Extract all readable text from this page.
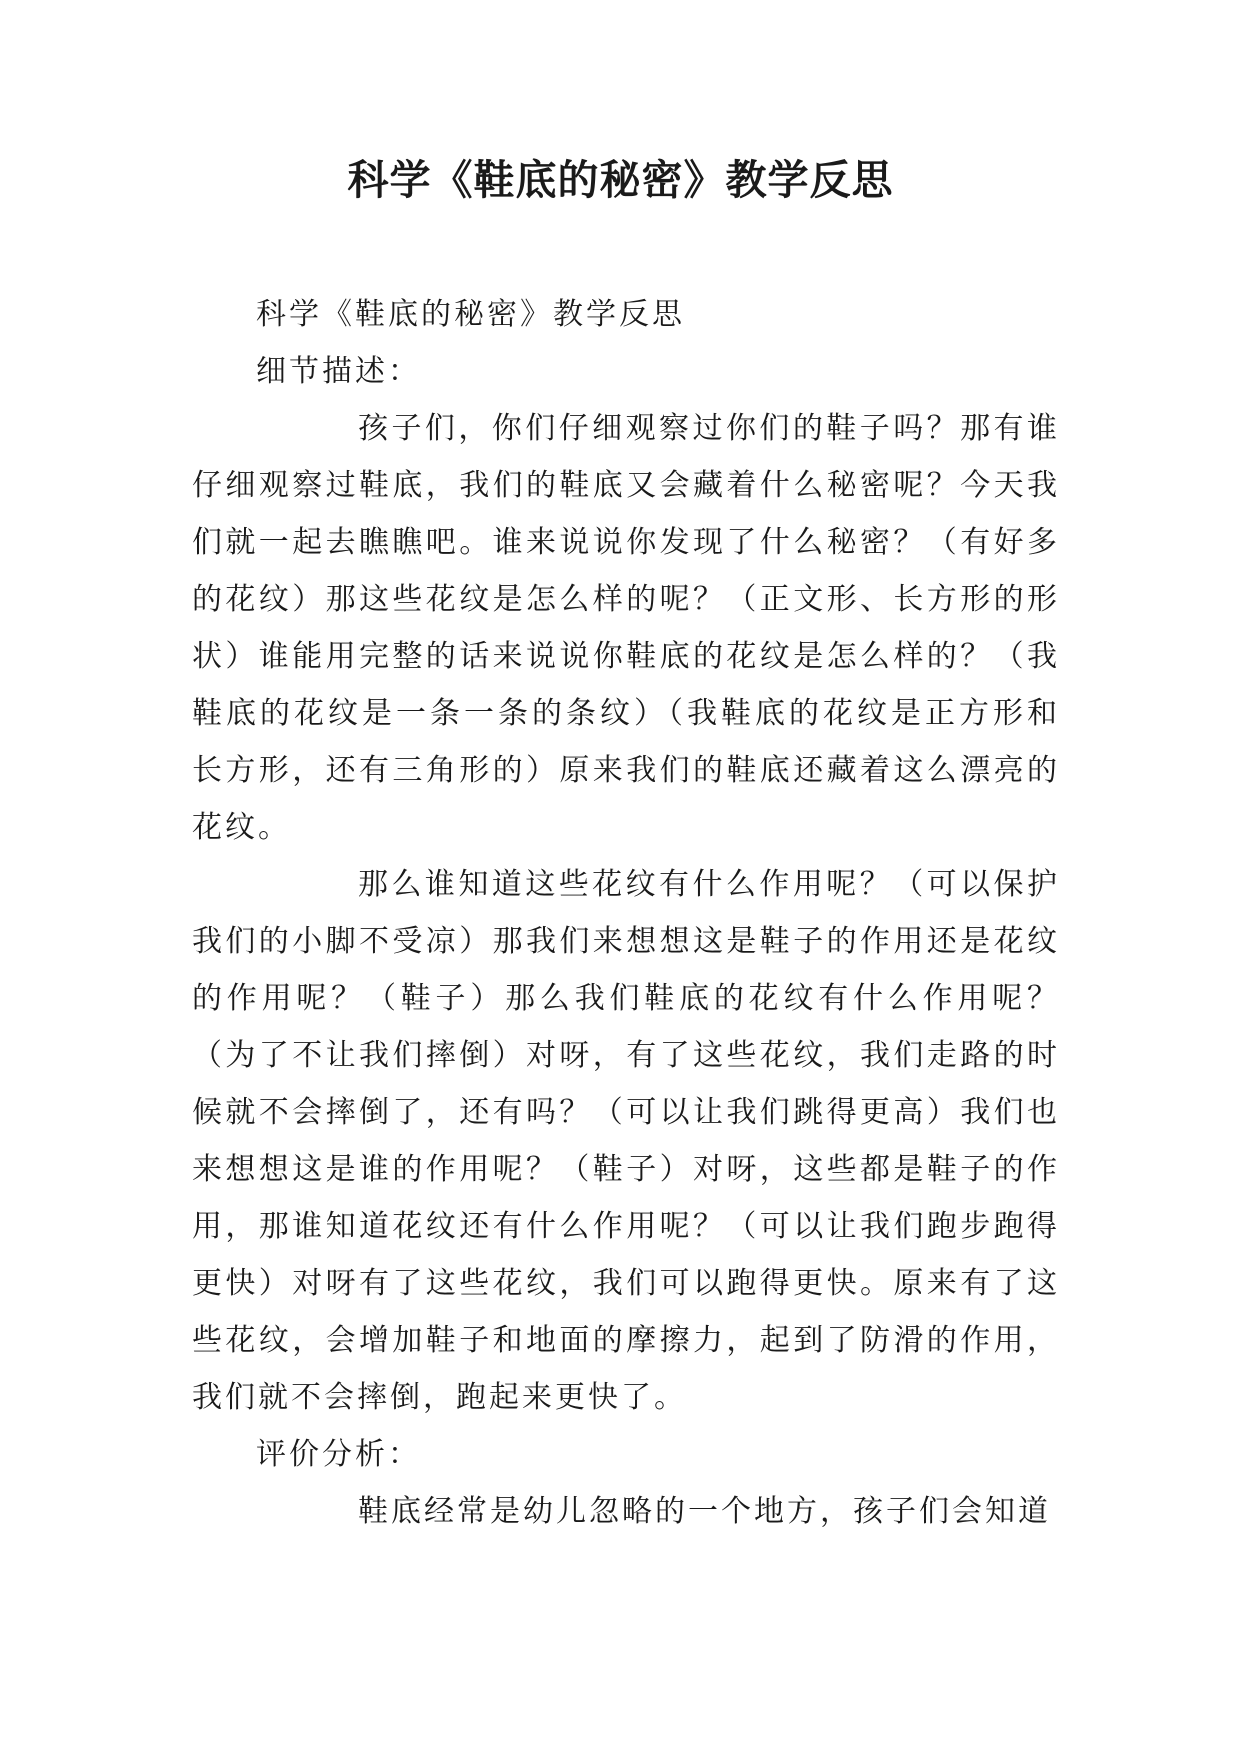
科学《鞋底的秘密》教学反思

科学《鞋底的秘密》教学反思

细节描述：

孩子们，你们仔细观察过你们的鞋子吗？那有谁仔细观察过鞋底，我们的鞋底又会藏着什么秘密呢？今天我们就一起去瞧瞧吧。谁来说说你发现了什么秘密？（有好多的花纹）那这些花纹是怎么样的呢？（正文形、长方形的形状）谁能用完整的话来说说你鞋底的花纹是怎么样的？（我鞋底的花纹是一条一条的条纹）（我鞋底的花纹是正方形和长方形，还有三角形的）原来我们的鞋底还藏着这么漂亮的花纹。

那么谁知道这些花纹有什么作用呢？（可以保护我们的小脚不受凉）那我们来想想这是鞋子的作用还是花纹的作用呢？（鞋子）那么我们鞋底的花纹有什么作用呢？（为了不让我们摔倒）对呀，有了这些花纹，我们走路的时候就不会摔倒了，还有吗？（可以让我们跳得更高）我们也来想想这是谁的作用呢？（鞋子）对呀，这些都是鞋子的作用，那谁知道花纹还有什么作用呢？（可以让我们跑步跑得更快）对呀有了这些花纹，我们可以跑得更快。原来有了这些花纹，会增加鞋子和地面的摩擦力，起到了防滑的作用，我们就不会摔倒，跑起来更快了。

评价分析：

鞋底经常是幼儿忽略的一个地方，孩子们会知道
